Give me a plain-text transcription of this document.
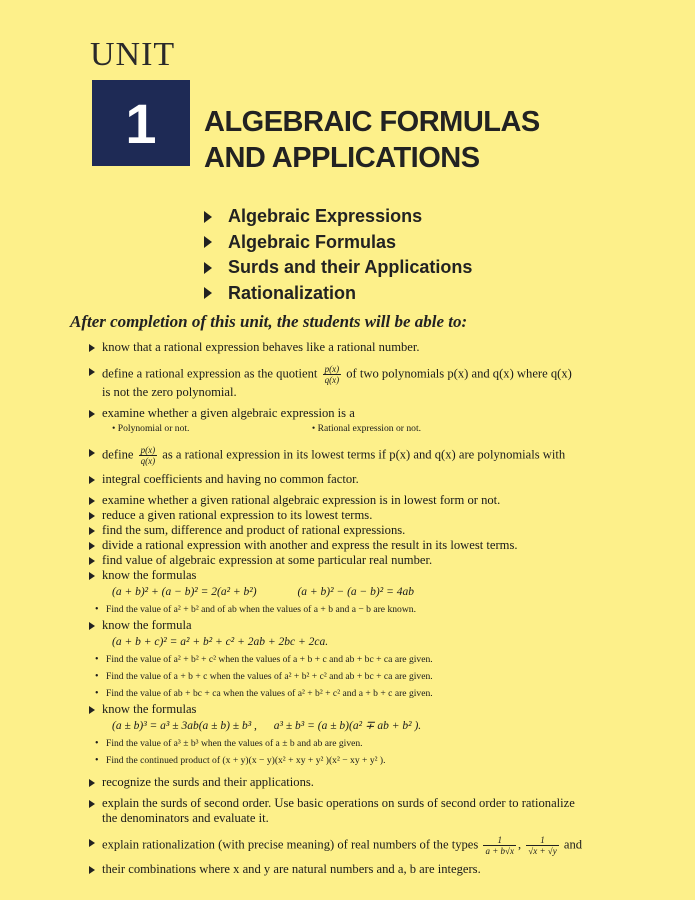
UNIT
1 ALGEBRAIC FORMULAS
AND APPLICATIONS
Algebraic Expressions
Algebraic Formulas
Surds and their Applications
Rationalization
After completion of this unit, the students will be able to:

know that a rational expression behaves like a rational number.

define a rational expression as the quotient $\frac{p(x)}{q(x)}$ of two polynomials p(x) and q(x) where q(x)
is not the zero polynomial.

examine whether a given algebraic expression is a

• Polynomial or not.	• Rational expression or not.

define $\frac{p(x)}{q(x)}$ as a rational expression in its lowest terms if p(x) and q(x) are polynomials with

integral coefficients and having no common factor.

examine whether a given rational algebraic expression is in lowest form or not.

reduce a given rational expression to its lowest terms.

find the sum, difference and product of rational expressions.

divide a rational expression with another and express the result in its lowest terms.

find value of algebraic expression at some particular real number.

know the formulas

(a + b)² + (a − b)² = 2(a² + b²)	(a + b)² − (a − b)² = 4ab
• Find the value of a² + b² and of ab when the values of a + b and a − b are known.

know the formula

(a + b + c)² = a² + b² + c² + 2ab + 2bc + 2ca.
• Find the value of a² + b² + c² when the values of a + b + c and ab + bc + ca are given.
• Find the value of a + b + c when the values of a² + b² + c² and ab + bc + ca are given.
• Find the value of ab + bc + ca when the values of a² + b² + c² and a + b + c are given.

know the formulas

(a ± b)³ = a³ ± 3ab(a ± b) ± b³ , a³ ± b³ = (a ± b)(a² ∓ ab + b² ).
• Find the value of a³ ± b³ when the values of a ± b and ab are given.
• Find the continued product of (x + y)(x − y)(x² + xy + y² )(x² − xy + y² ).

recognize the surds and their applications.

explain the surds of second order. Use basic operations on surds of second order to rationalize
the denominators and evaluate it.

explain rationalization (with precise meaning) of real numbers of the types $\frac{1}{a + b√x}$ , $\frac{1}{√x + √y}$ and

their combinations where x and y are natural numbers and a, b are integers.
